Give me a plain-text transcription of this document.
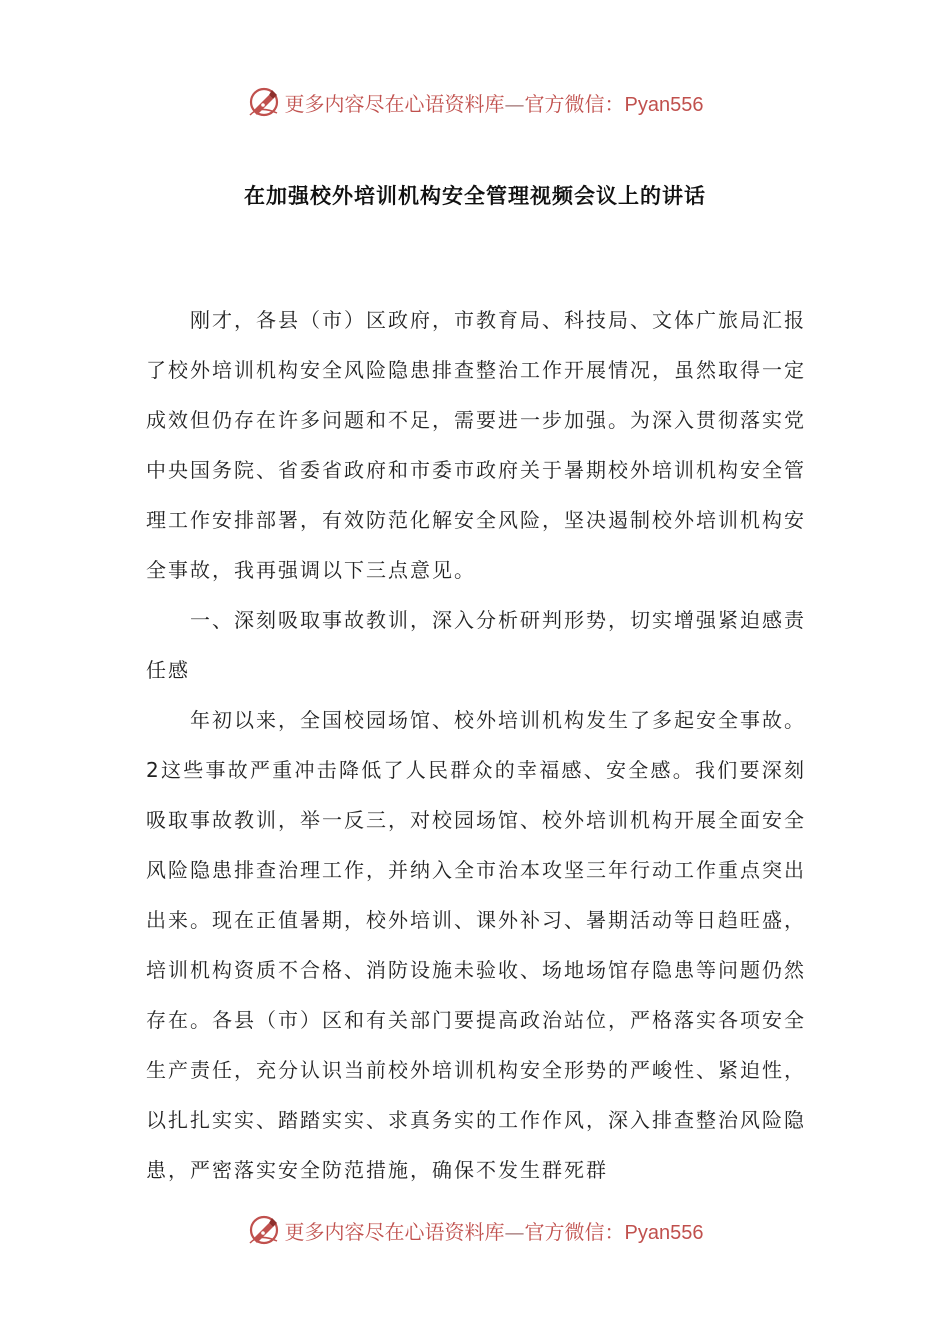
更多内容尽在心语资料库—官方微信：Pyan556
在加强校外培训机构安全管理视频会议上的讲话

刚才，各县（市）区政府，市教育局、科技局、文体广旅局汇报了校外培训机构安全风险隐患排查整治工作开展情况，虽然取得一定成效但仍存在许多问题和不足，需要进一步加强。为深入贯彻落实党中央国务院、省委省政府和市委市政府关于暑期校外培训机构安全管理工作安排部署，有效防范化解安全风险，坚决遏制校外培训机构安全事故，我再强调以下三点意见。

一、深刻吸取事故教训，深入分析研判形势，切实增强紧迫感责任感

年初以来，全国校园场馆、校外培训机构发生了多起安全事故。2这些事故严重冲击降低了人民群众的幸福感、安全感。我们要深刻吸取事故教训，举一反三，对校园场馆、校外培训机构开展全面安全风险隐患排查治理工作，并纳入全市治本攻坚三年行动工作重点突出出来。现在正值暑期，校外培训、课外补习、暑期活动等日趋旺盛，培训机构资质不合格、消防设施未验收、场地场馆存隐患等问题仍然存在。各县（市）区和有关部门要提高政治站位，严格落实各项安全生产责任，充分认识当前校外培训机构安全形势的严峻性、紧迫性，以扎扎实实、踏踏实实、求真务实的工作作风，深入排查整治风险隐患，严密落实安全防范措施，确保不发生群死群

更多内容尽在心语资料库—官方微信：Pyan556
